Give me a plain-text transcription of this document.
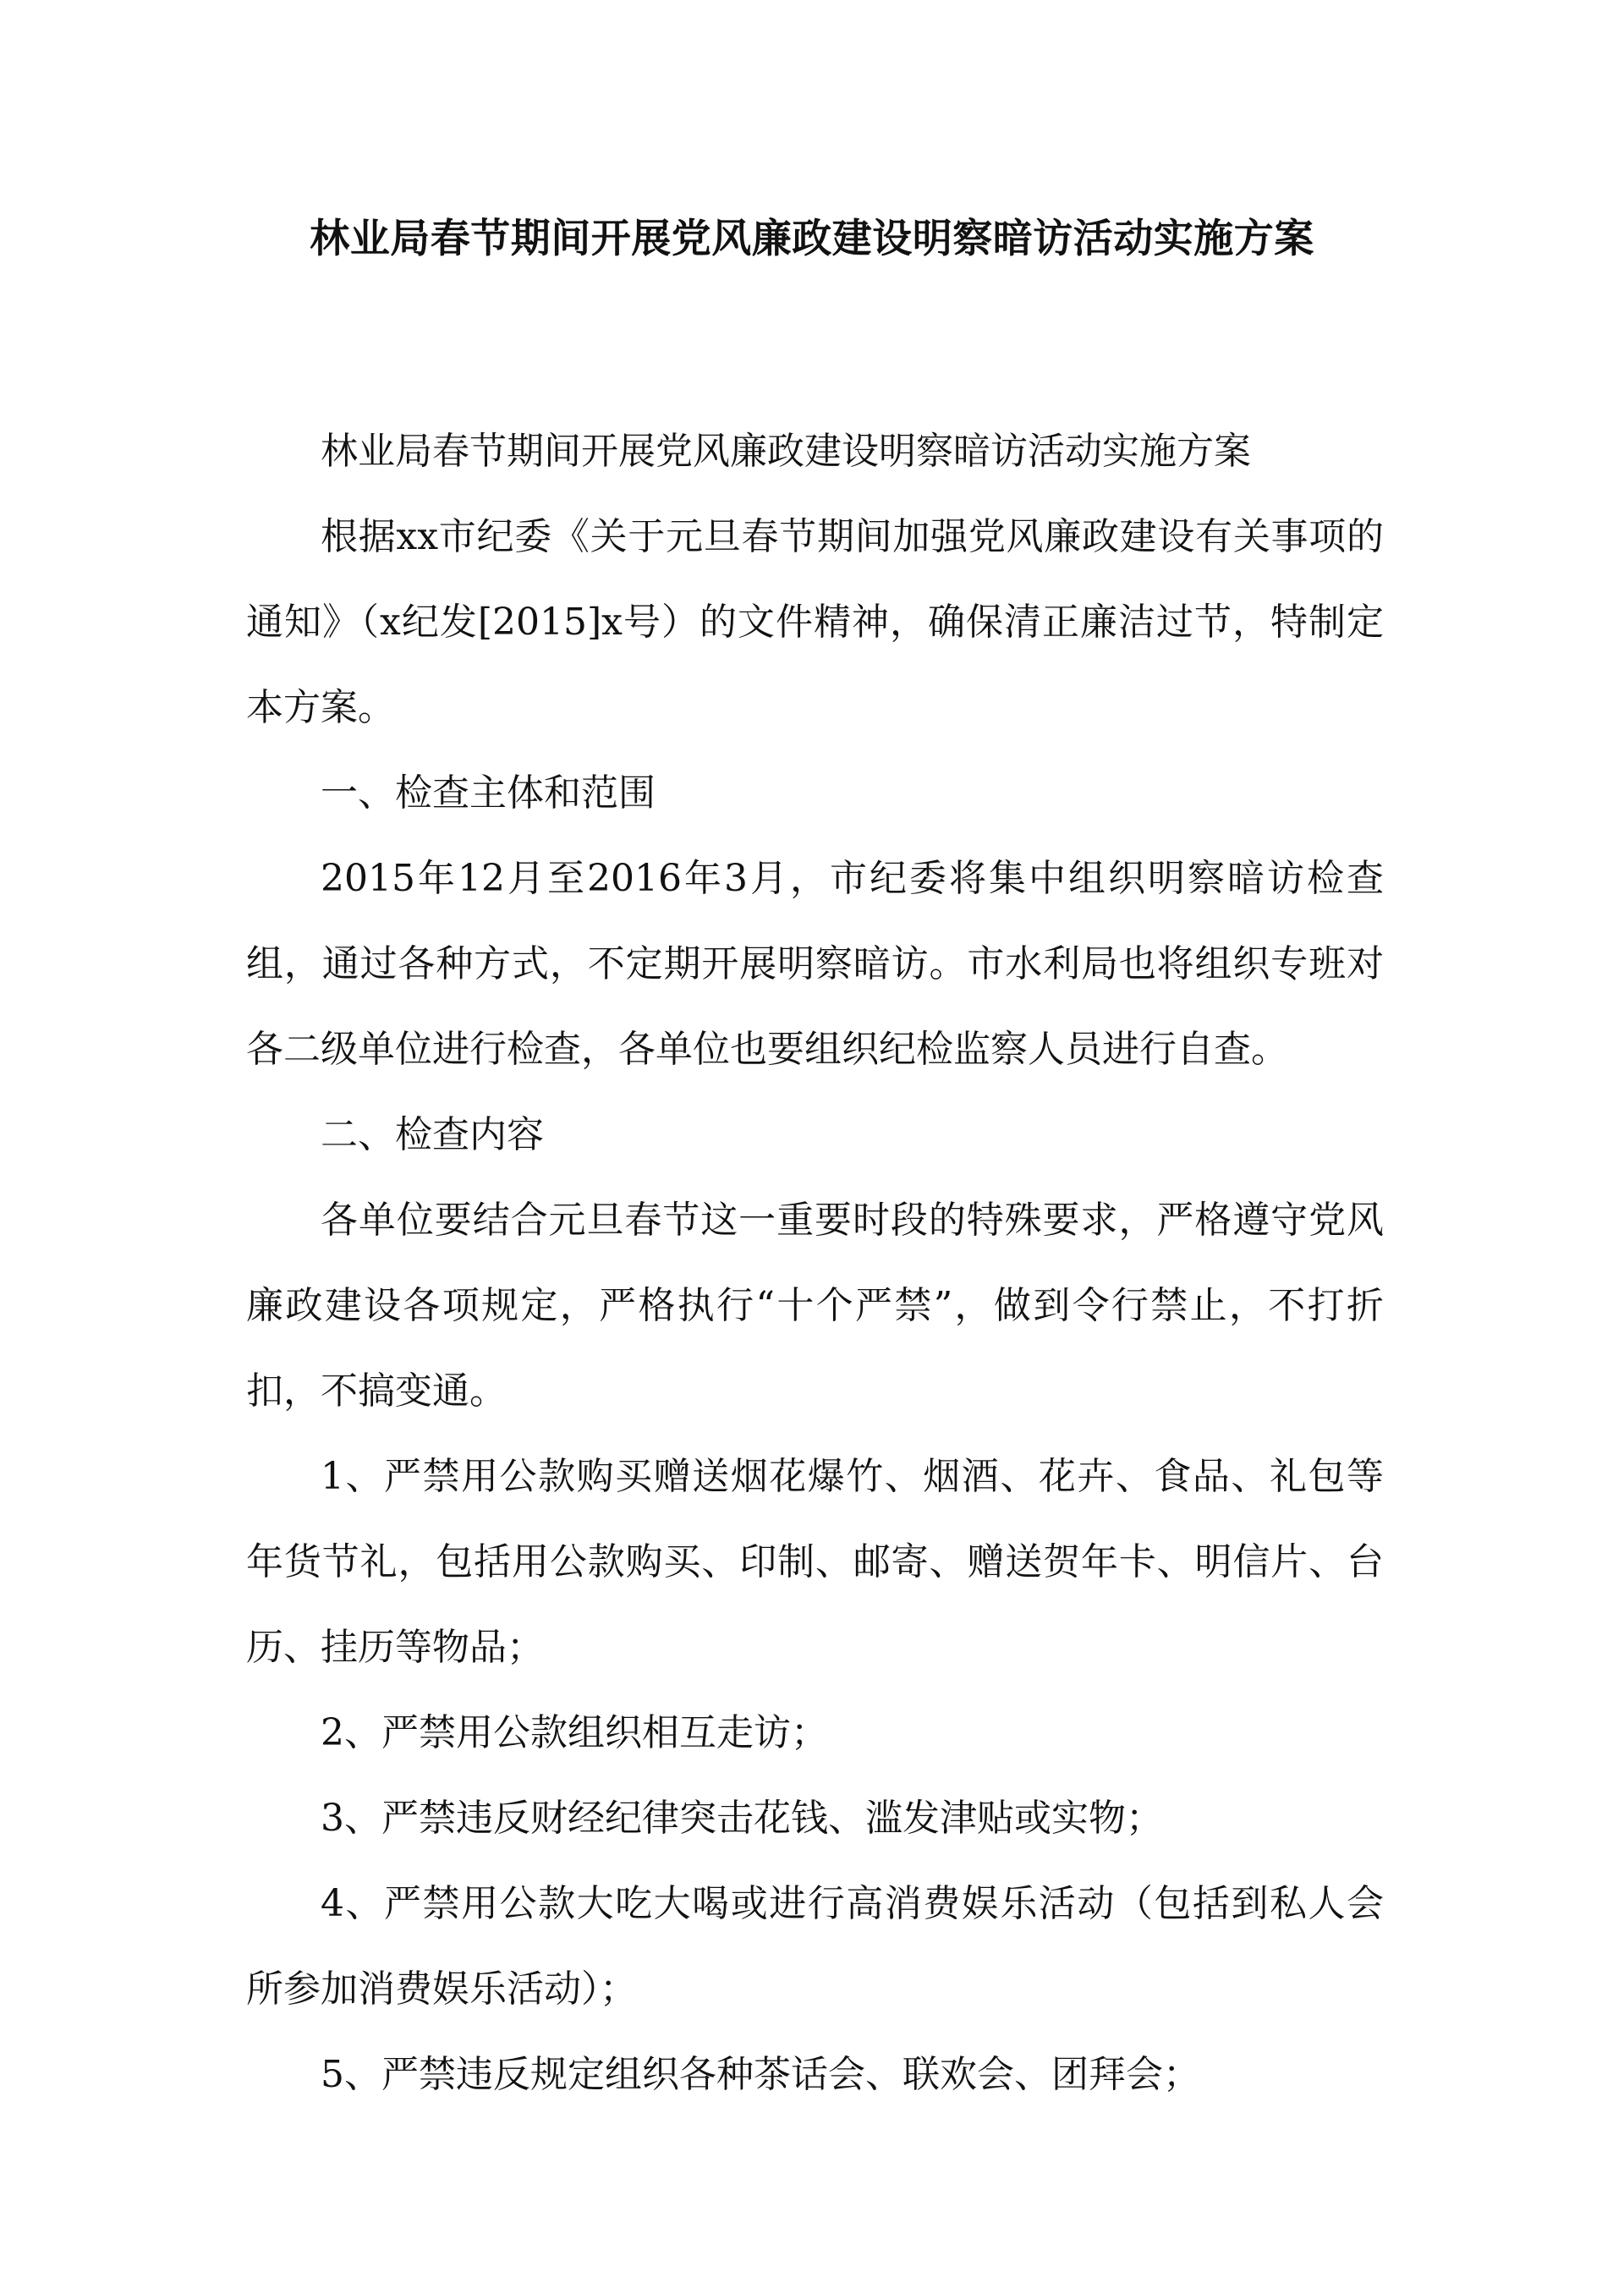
林业局春节期间开展党风廉政建设明察暗访活动实施方案

林业局春节期间开展党风廉政建设明察暗访活动实施方案

根据xx市纪委《关于元旦春节期间加强党风廉政建设有关事项的通知》（x纪发[2015]x号）的文件精神，确保清正廉洁过节，特制定本方案。

一、检查主体和范围

2015年12月至2016年3月，市纪委将集中组织明察暗访检查组，通过各种方式，不定期开展明察暗访。市水利局也将组织专班对各二级单位进行检查，各单位也要组织纪检监察人员进行自查。

二、检查内容

各单位要结合元旦春节这一重要时段的特殊要求，严格遵守党风廉政建设各项规定，严格执行“十个严禁”，做到令行禁止，不打折扣，不搞变通。

1、严禁用公款购买赠送烟花爆竹、烟酒、花卉、食品、礼包等年货节礼，包括用公款购买、印制、邮寄、赠送贺年卡、明信片、台历、挂历等物品；

2、严禁用公款组织相互走访；

3、严禁违反财经纪律突击花钱、滥发津贴或实物；

4、严禁用公款大吃大喝或进行高消费娱乐活动（包括到私人会所参加消费娱乐活动）；

5、严禁违反规定组织各种茶话会、联欢会、团拜会；
